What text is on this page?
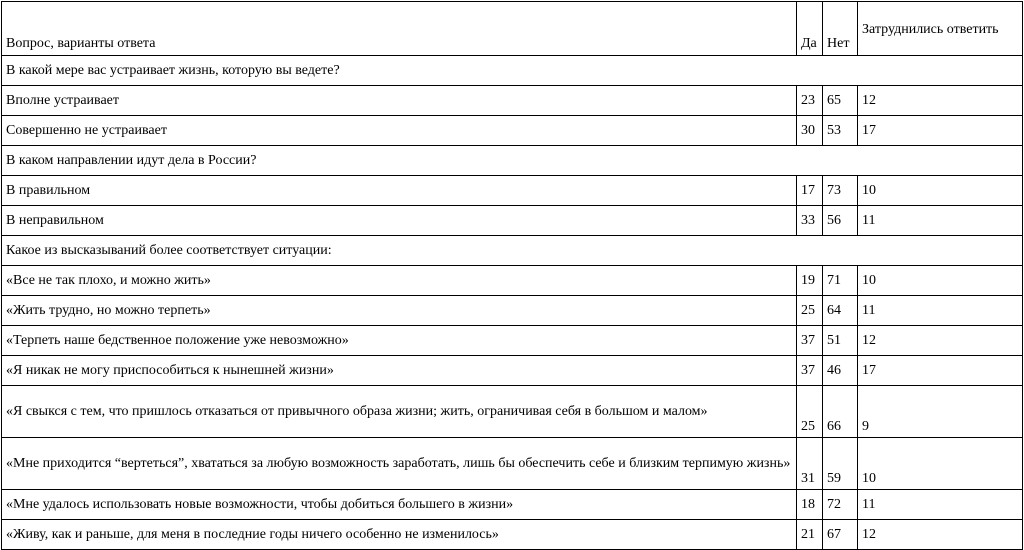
Вопрос, варианты ответа	Да	Нет	Затруднились ответить
В какой мере вас устраивает жизнь, которую вы ведете?			
Вполне устраивает	23	65	12
Совершенно не устраивает	30	53	17
В каком направлении идут дела в России?			
В правильном	17	73	10
В неправильном	33	56	11
Какое из высказываний более соответствует ситуации:			
«Все не так плохо, и можно жить»	19	71	10
«Жить трудно, но можно терпеть»	25	64	11
«Терпеть наше бедственное положение уже невозможно»	37	51	12
«Я никак не могу приспособиться к нынешней жизни»	37	46	17
«Я свыкся с тем, что пришлось отказаться от привычного образа жизни; жить, ограничивая себя в большом и малом»	25	66	9
«Мне приходится “вертеться”, хвататься за любую возможность заработать, лишь бы обеспечить себе и близким терпимую жизнь»	31	59	10
«Мне удалось использовать новые возможности, чтобы добиться большего в жизни»	18	72	11
«Живу, как и раньше, для меня в последние годы ничего особенно не изменилось»	21	67	12
